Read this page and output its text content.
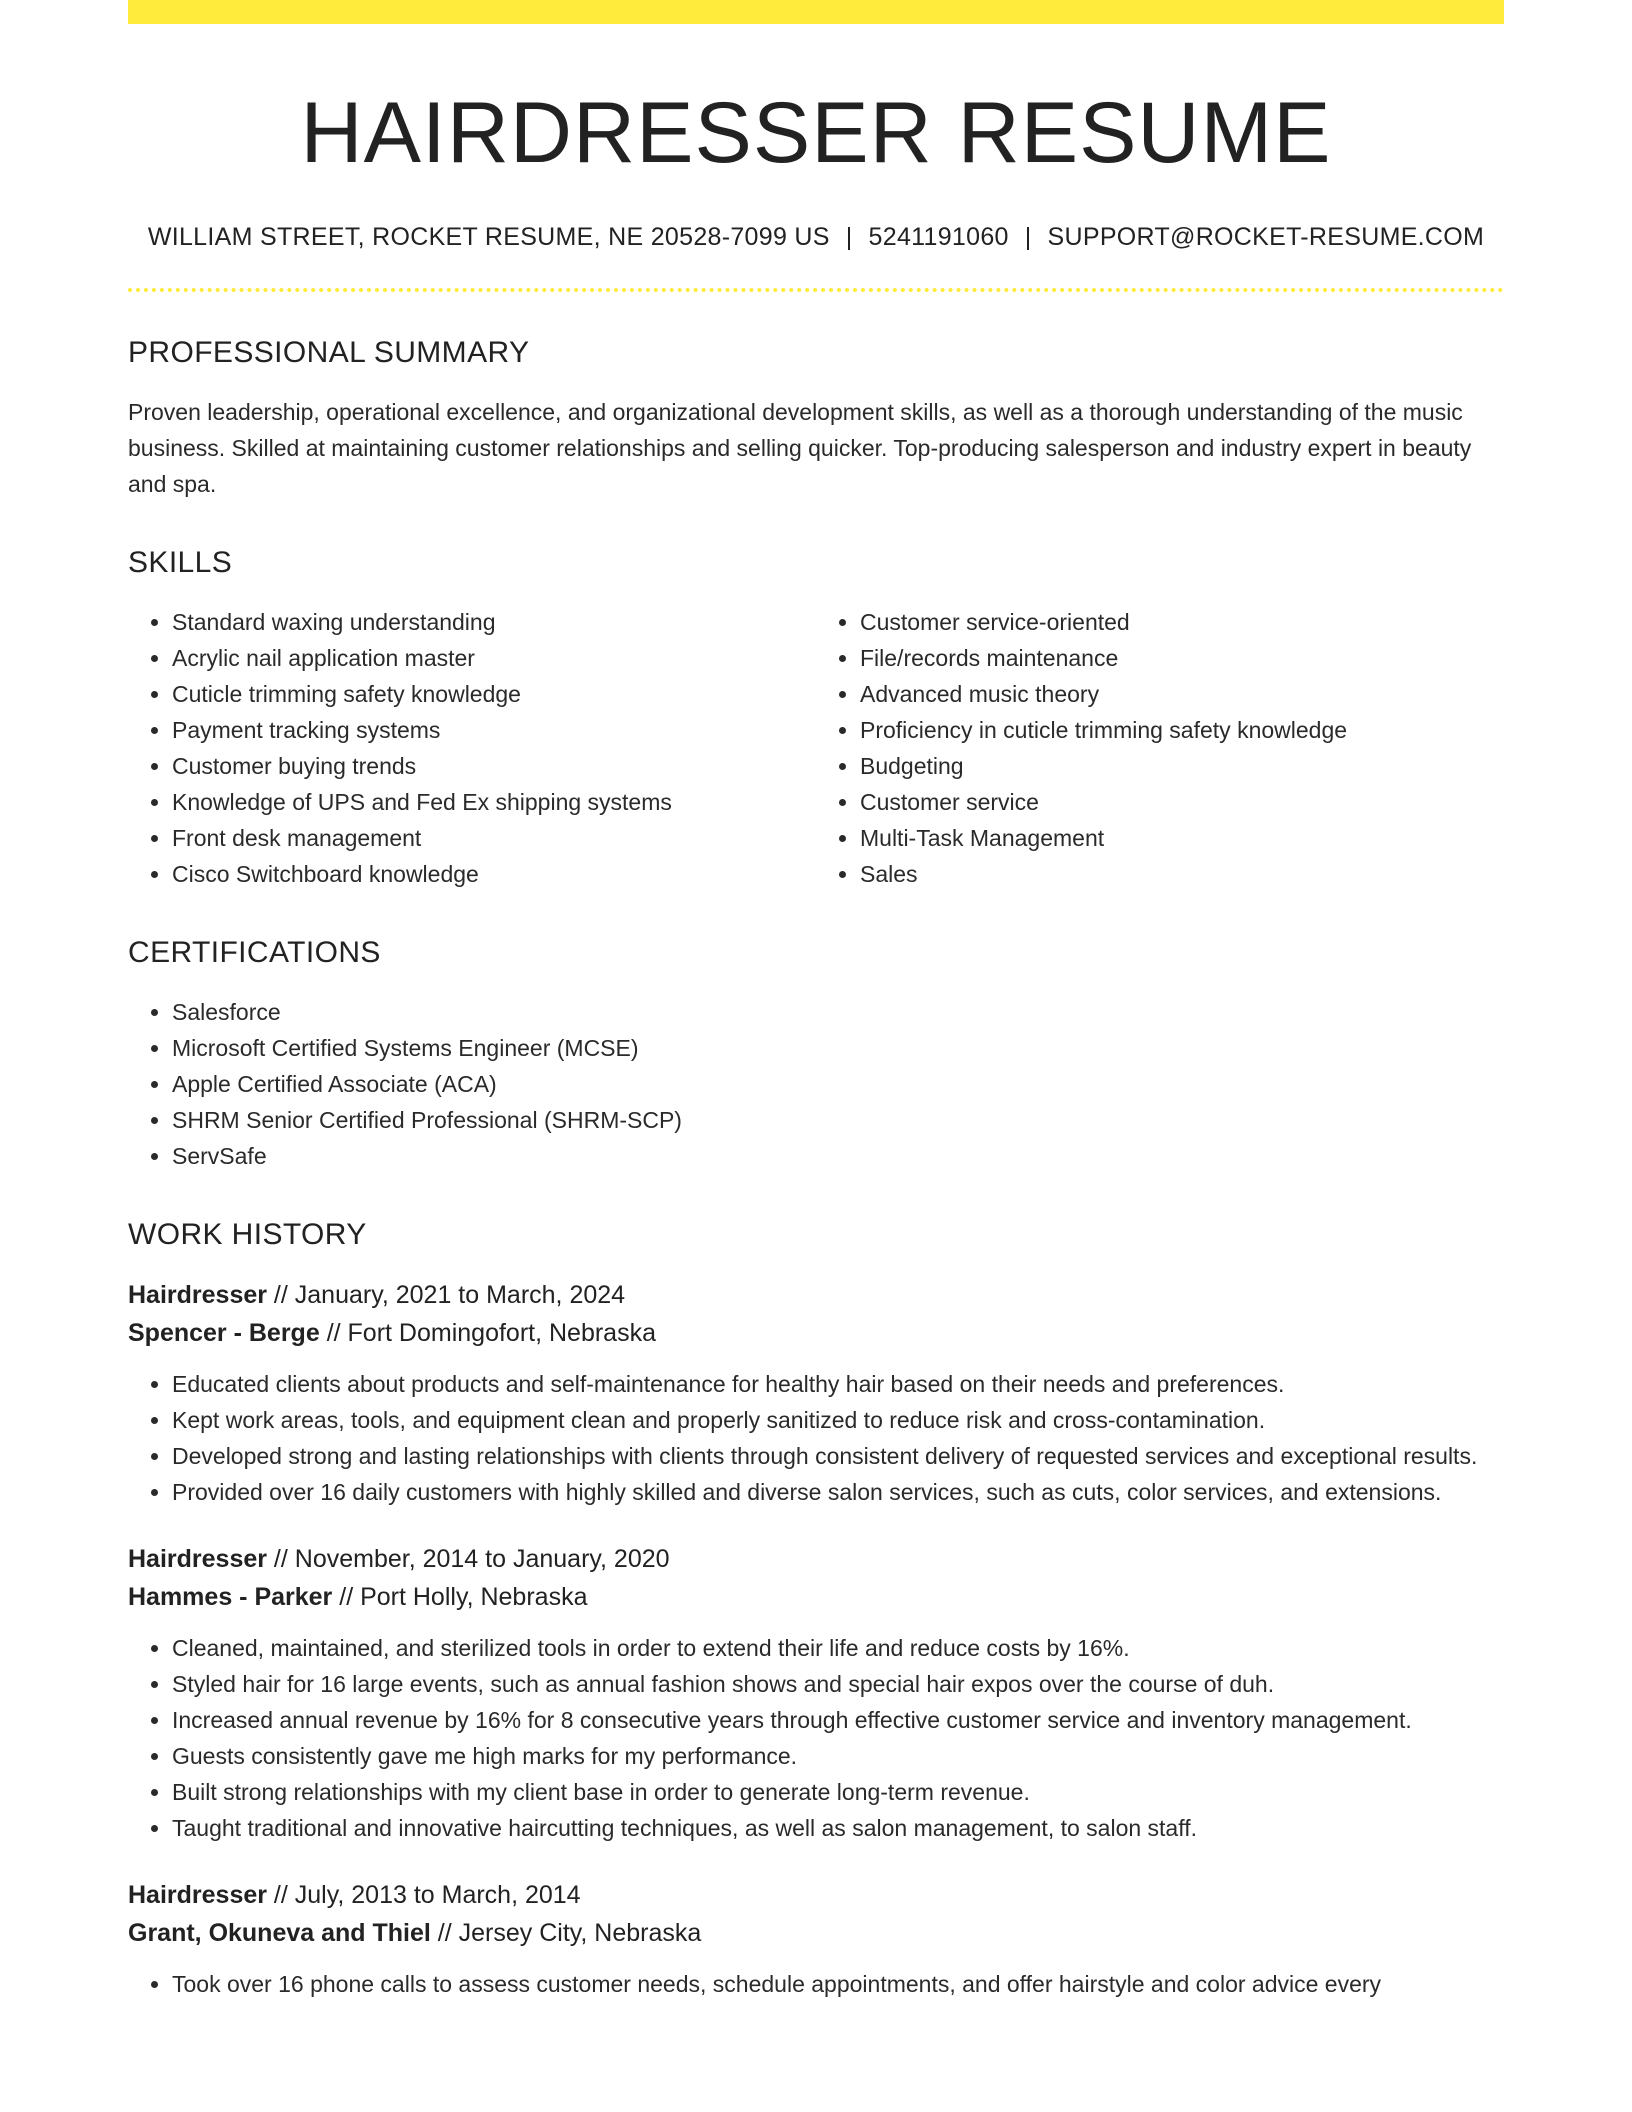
HAIRDRESSER RESUME
WILLIAM STREET, ROCKET RESUME, NE 20528-7099 US | 5241191060 | SUPPORT@ROCKET-RESUME.COM
PROFESSIONAL SUMMARY

Proven leadership, operational excellence, and organizational development skills, as well as a thorough understanding of the music business. Skilled at maintaining customer relationships and selling quicker. Top-producing salesperson and industry expert in beauty and spa.

SKILLS
• Standard waxing understanding
• Acrylic nail application master
• Cuticle trimming safety knowledge
• Payment tracking systems
• Customer buying trends
• Knowledge of UPS and Fed Ex shipping systems
• Front desk management
• Cisco Switchboard knowledge
• Customer service-oriented
• File/records maintenance
• Advanced music theory
• Proficiency in cuticle trimming safety knowledge
• Budgeting
• Customer service
• Multi-Task Management
• Sales
CERTIFICATIONS
• Salesforce
• Microsoft Certified Systems Engineer (MCSE)
• Apple Certified Associate (ACA)
• SHRM Senior Certified Professional (SHRM-SCP)
• ServSafe
WORK HISTORY
Hairdresser // January, 2021 to March, 2024
Spencer - Berge // Fort Domingofort, Nebraska
• Educated clients about products and self-maintenance for healthy hair based on their needs and preferences.
• Kept work areas, tools, and equipment clean and properly sanitized to reduce risk and cross-contamination.
• Developed strong and lasting relationships with clients through consistent delivery of requested services and exceptional results.
• Provided over 16 daily customers with highly skilled and diverse salon services, such as cuts, color services, and extensions.
Hairdresser // November, 2014 to January, 2020
Hammes - Parker // Port Holly, Nebraska
• Cleaned, maintained, and sterilized tools in order to extend their life and reduce costs by 16%.
• Styled hair for 16 large events, such as annual fashion shows and special hair expos over the course of duh.
• Increased annual revenue by 16% for 8 consecutive years through effective customer service and inventory management.
• Guests consistently gave me high marks for my performance.
• Built strong relationships with my client base in order to generate long-term revenue.
• Taught traditional and innovative haircutting techniques, as well as salon management, to salon staff.
Hairdresser // July, 2013 to March, 2014
Grant, Okuneva and Thiel // Jersey City, Nebraska
• Took over 16 phone calls to assess customer needs, schedule appointments, and offer hairstyle and color advice every
